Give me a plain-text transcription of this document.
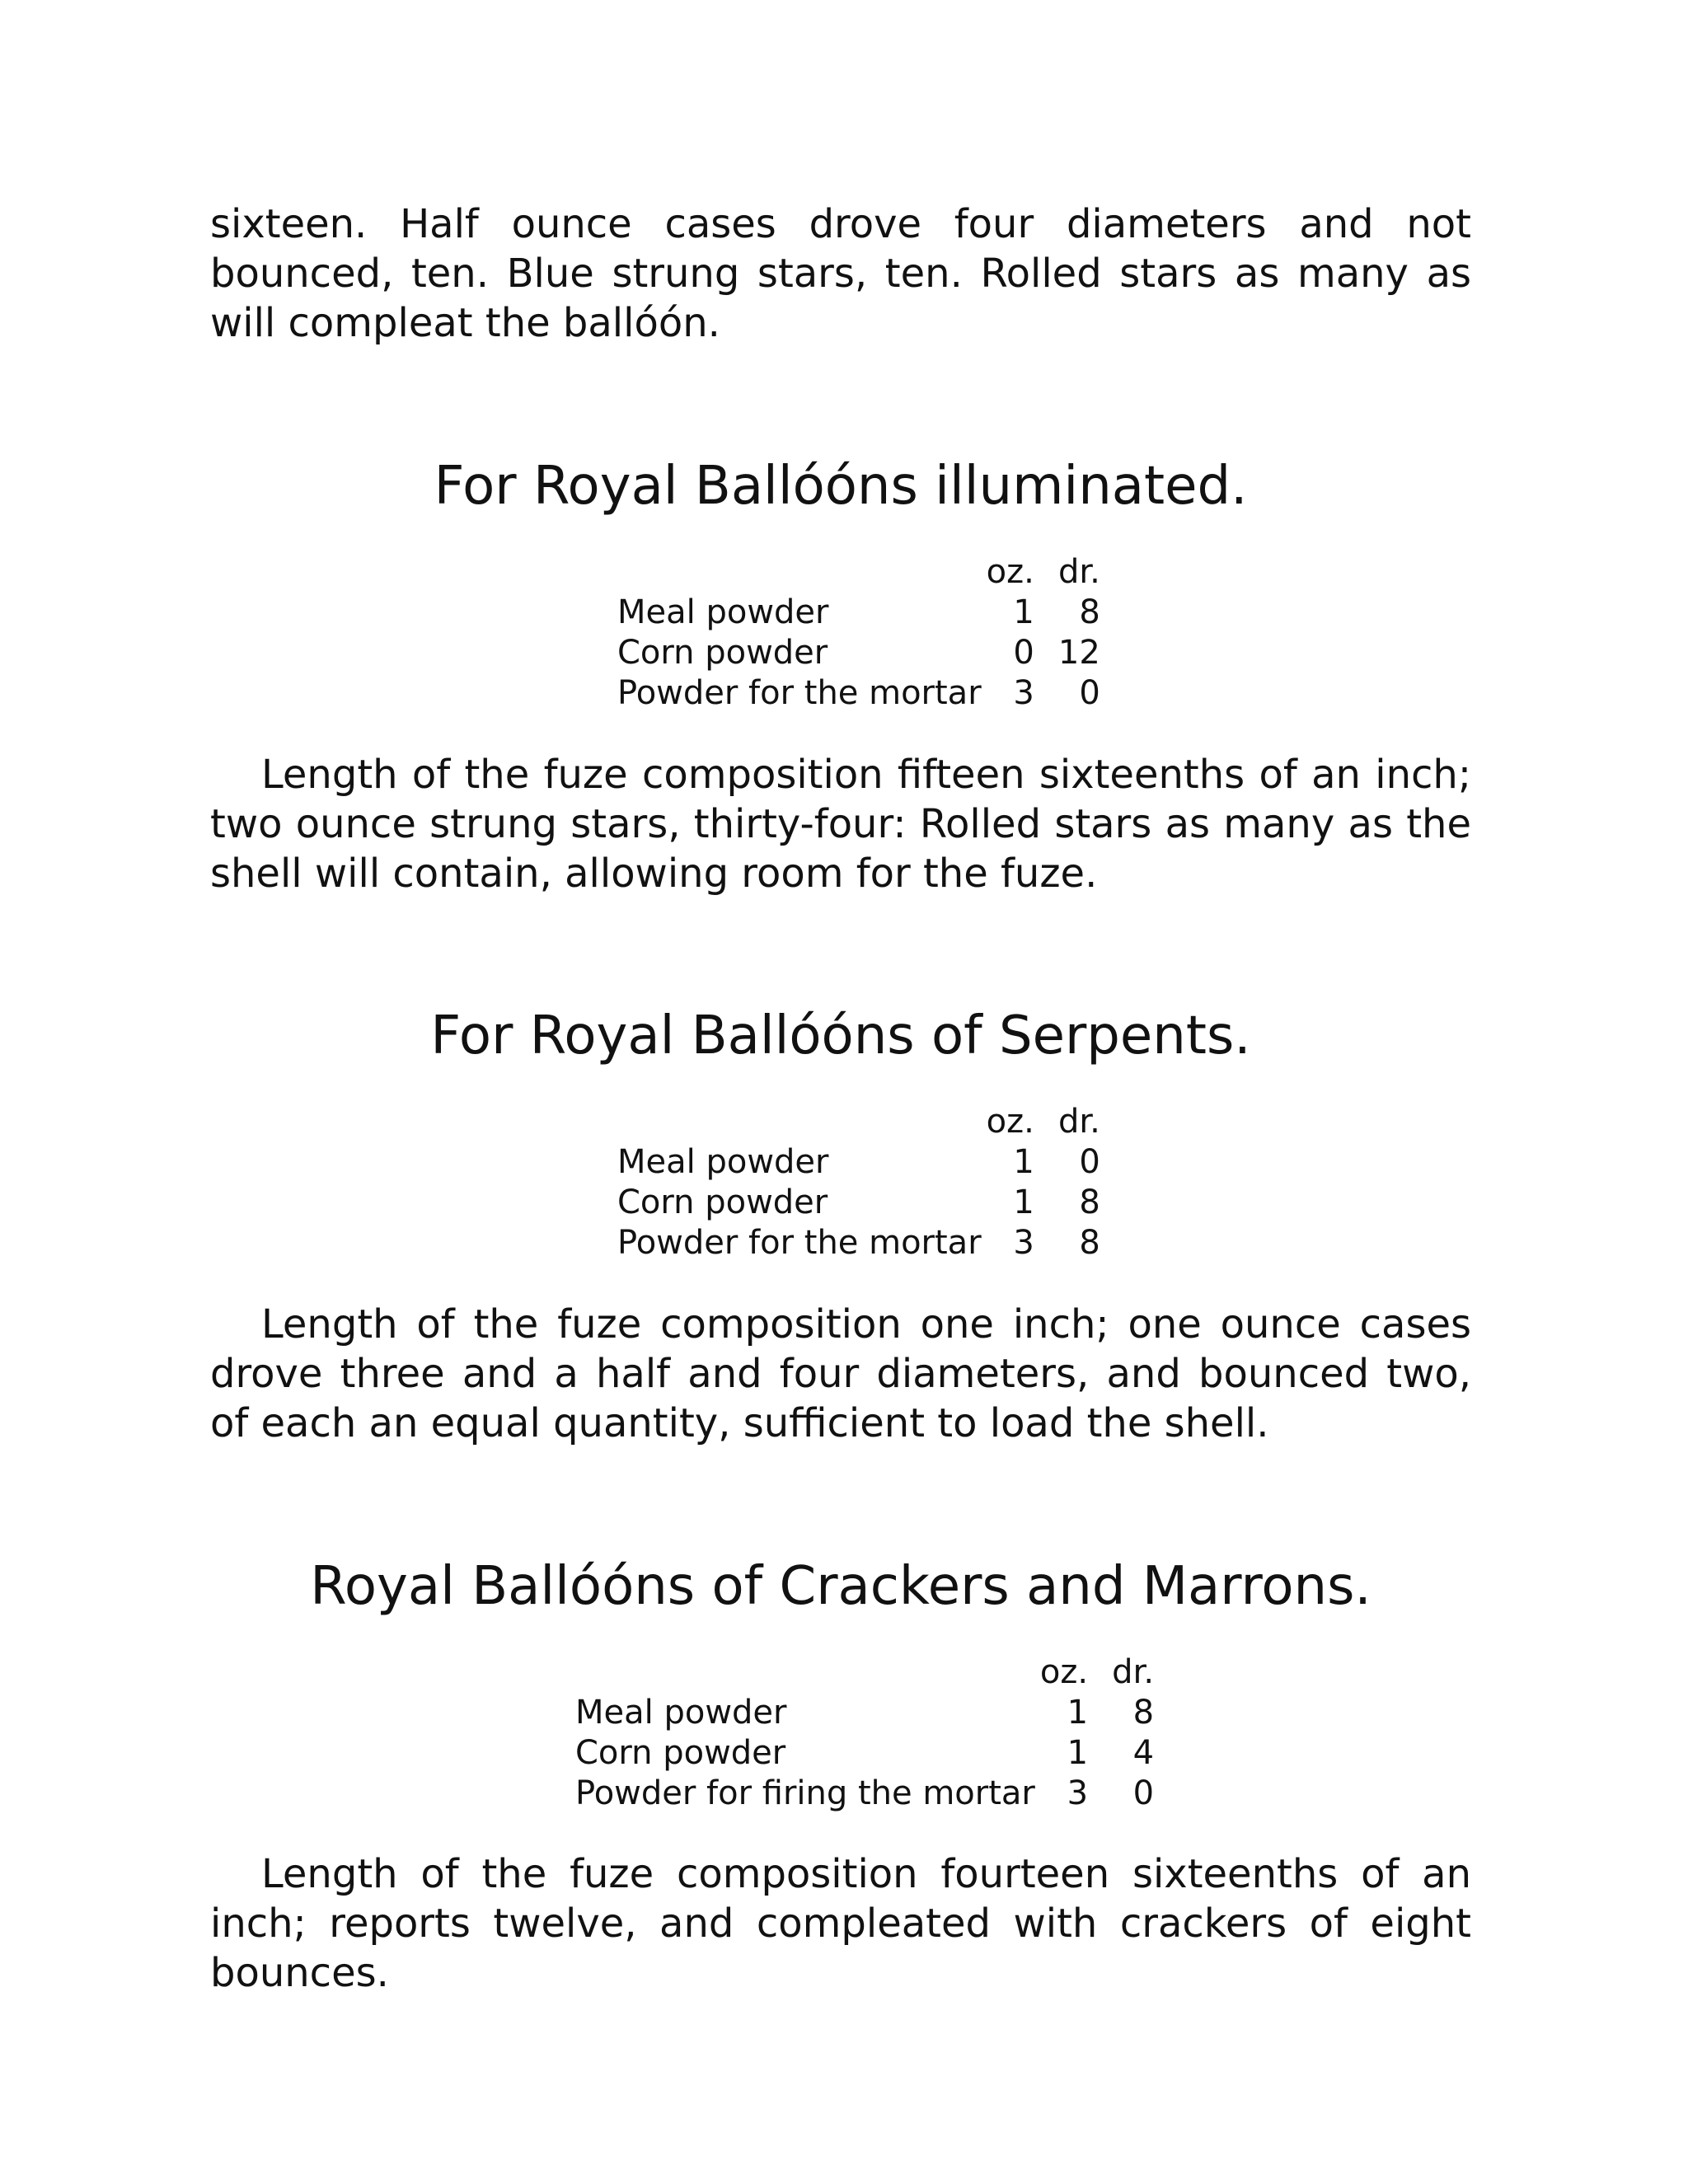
sixteen. Half ounce cases drove four diameters and not bounced, ten. Blue strung stars, ten. Rolled stars as many as will compleat the ballóón.

For Royal Ballóóns illuminated.
	oz.	dr.
Meal powder	1	8
Corn powder	0	12
Powder for the mortar	3	0

Length of the fuze composition fifteen sixteenths of an inch; two ounce strung stars, thirty-four: Rolled stars as many as the shell will contain, allowing room for the fuze.

For Royal Ballóóns of Serpents.
	oz.	dr.
Meal powder	1	0
Corn powder	1	8
Powder for the mortar	3	8

Length of the fuze composition one inch; one ounce cases drove three and a half and four diameters, and bounced two, of each an equal quantity, sufficient to load the shell.

Royal Ballóóns of Crackers and Marrons.
	oz.	dr.
Meal powder	1	8
Corn powder	1	4
Powder for firing the mortar	3	0

Length of the fuze composition fourteen sixteenths of an inch; reports twelve, and compleated with crackers of eight bounces.
